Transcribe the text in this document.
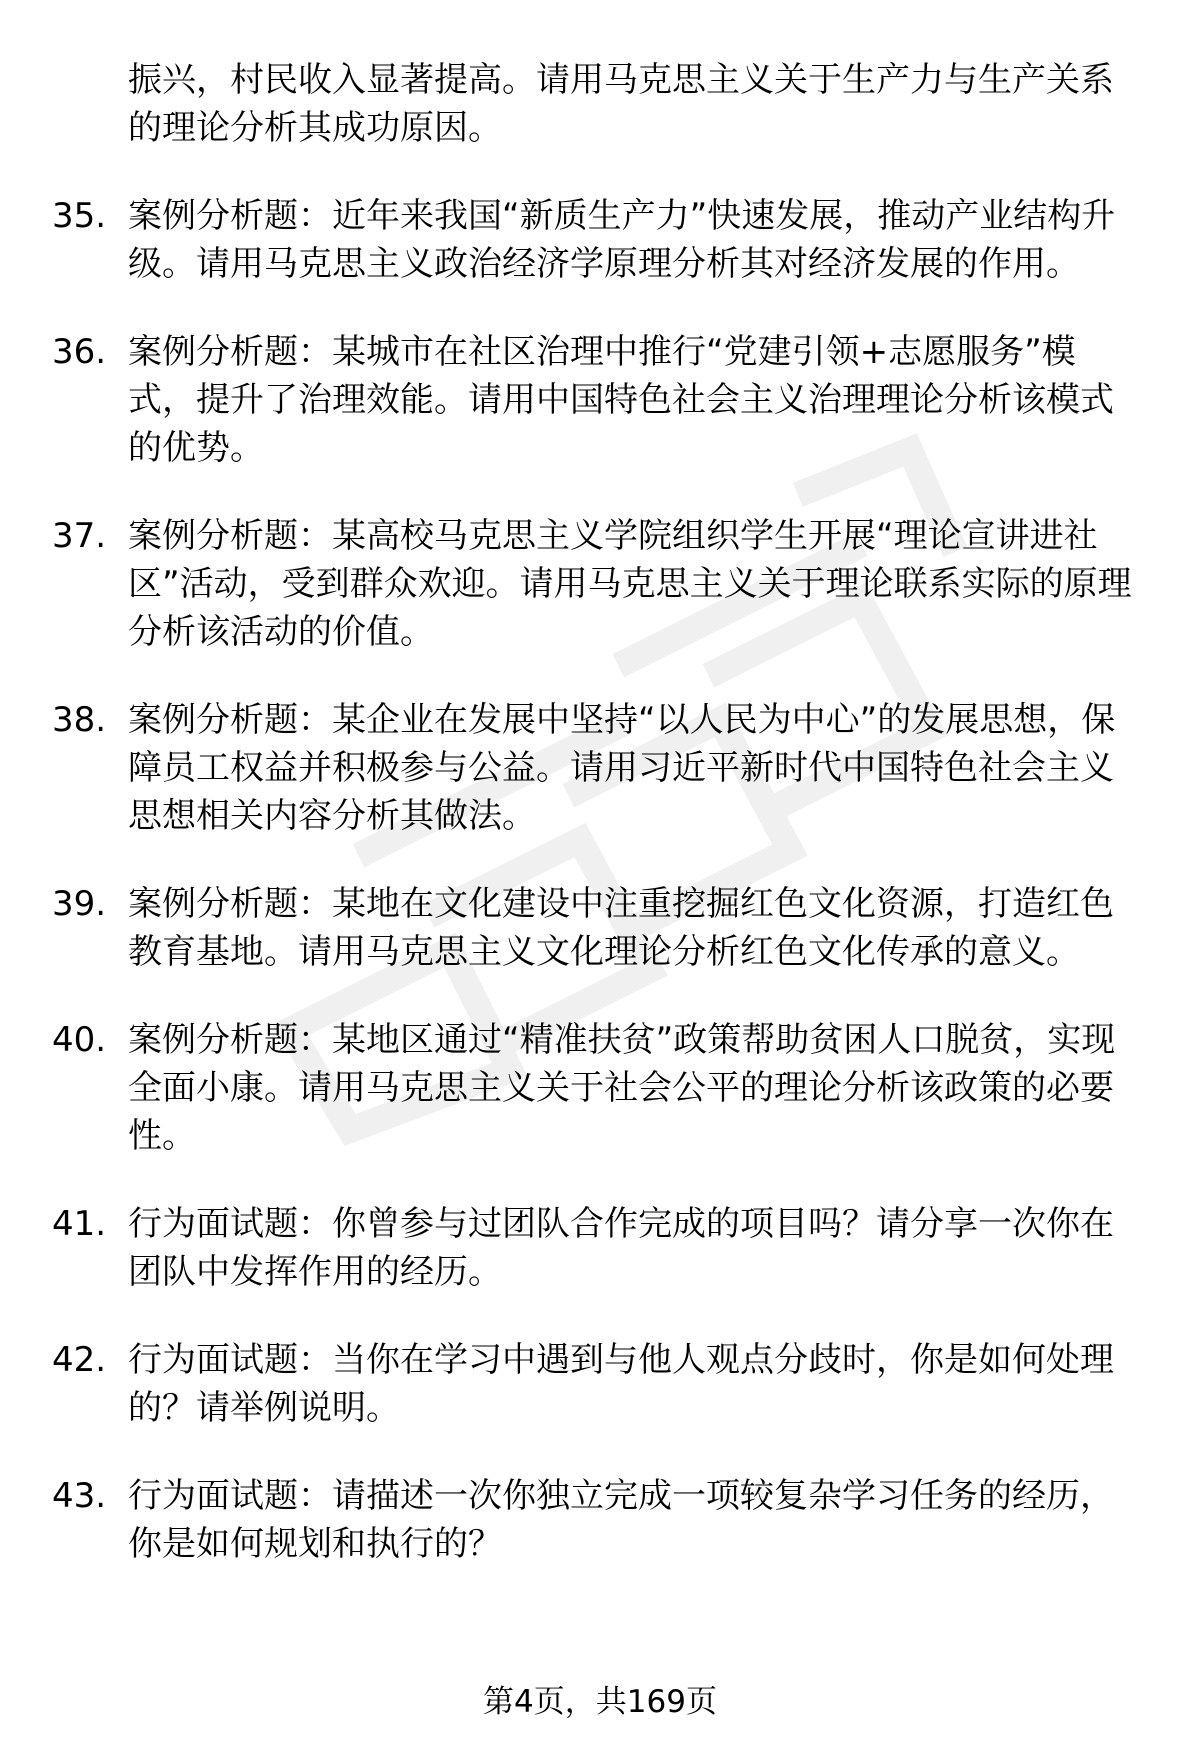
振兴，村民收入显著提高。请用马克思主义关于生产力与生产关系的理论分析其成功原因。
35. 案例分析题：近年来我国“新质生产力”快速发展，推动产业结构升级。请用马克思主义政治经济学原理分析其对经济发展的作用。
36. 案例分析题：某城市在社区治理中推行“党建引领+志愿服务”模式，提升了治理效能。请用中国特色社会主义治理理论分析该模式的优势。
37. 案例分析题：某高校马克思主义学院组织学生开展“理论宣讲进社区”活动，受到群众欢迎。请用马克思主义关于理论联系实际的原理分析该活动的价值。
38. 案例分析题：某企业在发展中坚持“以人民为中心”的发展思想，保障员工权益并积极参与公益。请用习近平新时代中国特色社会主义思想相关内容分析其做法。
39. 案例分析题：某地在文化建设中注重挖掘红色文化资源，打造红色教育基地。请用马克思主义文化理论分析红色文化传承的意义。
40. 案例分析题：某地区通过“精准扶贫”政策帮助贫困人口脱贫，实现全面小康。请用马克思主义关于社会公平的理论分析该政策的必要性。
41. 行为面试题：你曾参与过团队合作完成的项目吗？请分享一次你在团队中发挥作用的经历。
42. 行为面试题：当你在学习中遇到与他人观点分歧时，你是如何处理的？请举例说明。
43. 行为面试题：请描述一次你独立完成一项较复杂学习任务的经历，你是如何规划和执行的？
第4页，共169页
